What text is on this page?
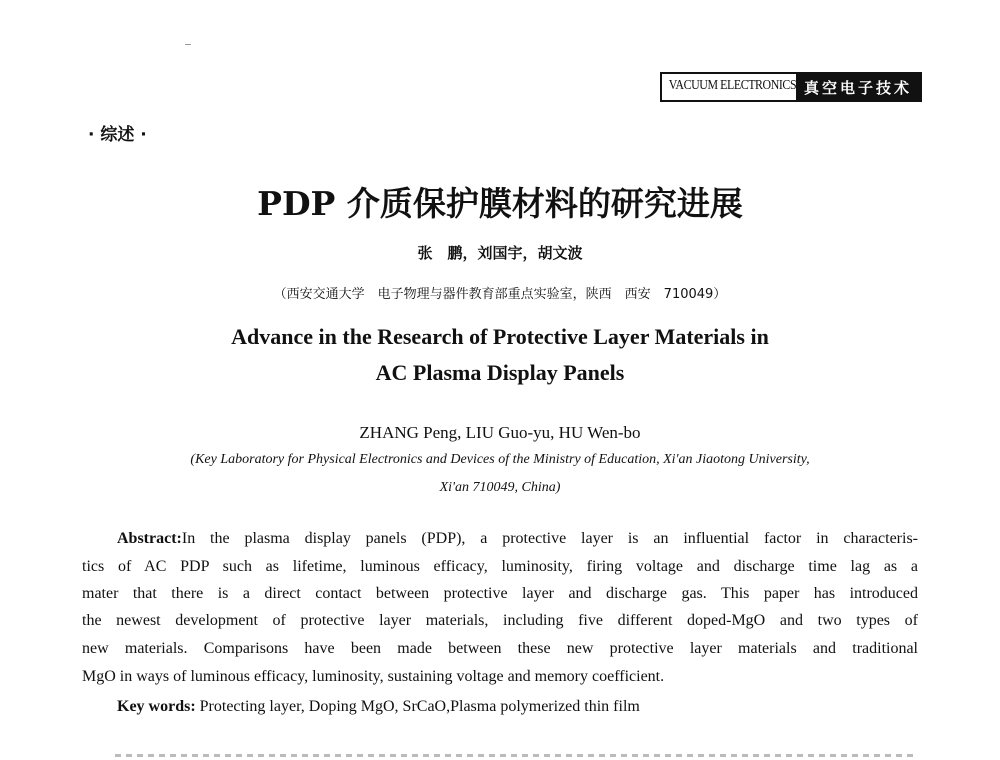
VACUUM ELECTRONICS 真空电子技术
· 综述 ·
PDP 介质保护膜材料的研究进展
张　鹏，刘国宇，胡文波
（西安交通大学　电子物理与器件教育部重点实验室，陕西　西安　710049）
Advance in the Research of Protective Layer Materials in
AC Plasma Display Panels
ZHANG Peng, LIU Guo-yu, HU Wen-bo
(Key Laboratory for Physical Electronics and Devices of the Ministry of Education, Xi'an Jiaotong University,
Xi'an 710049, China)
Abstract:In the plasma display panels (PDP), a protective layer is an influential factor in characteris-
tics of AC PDP such as lifetime, luminous efficacy, luminosity, firing voltage and discharge time lag as a
mater that there is a direct contact between protective layer and discharge gas. This paper has introduced
the newest development of protective layer materials, including five different doped-MgO and two types of
new materials. Comparisons have been made between these new protective layer materials and traditional
MgO in ways of luminous efficacy, luminosity, sustaining voltage and memory coefficient.
Key words: Protecting layer, Doping MgO, SrCaO,Plasma polymerized thin film
